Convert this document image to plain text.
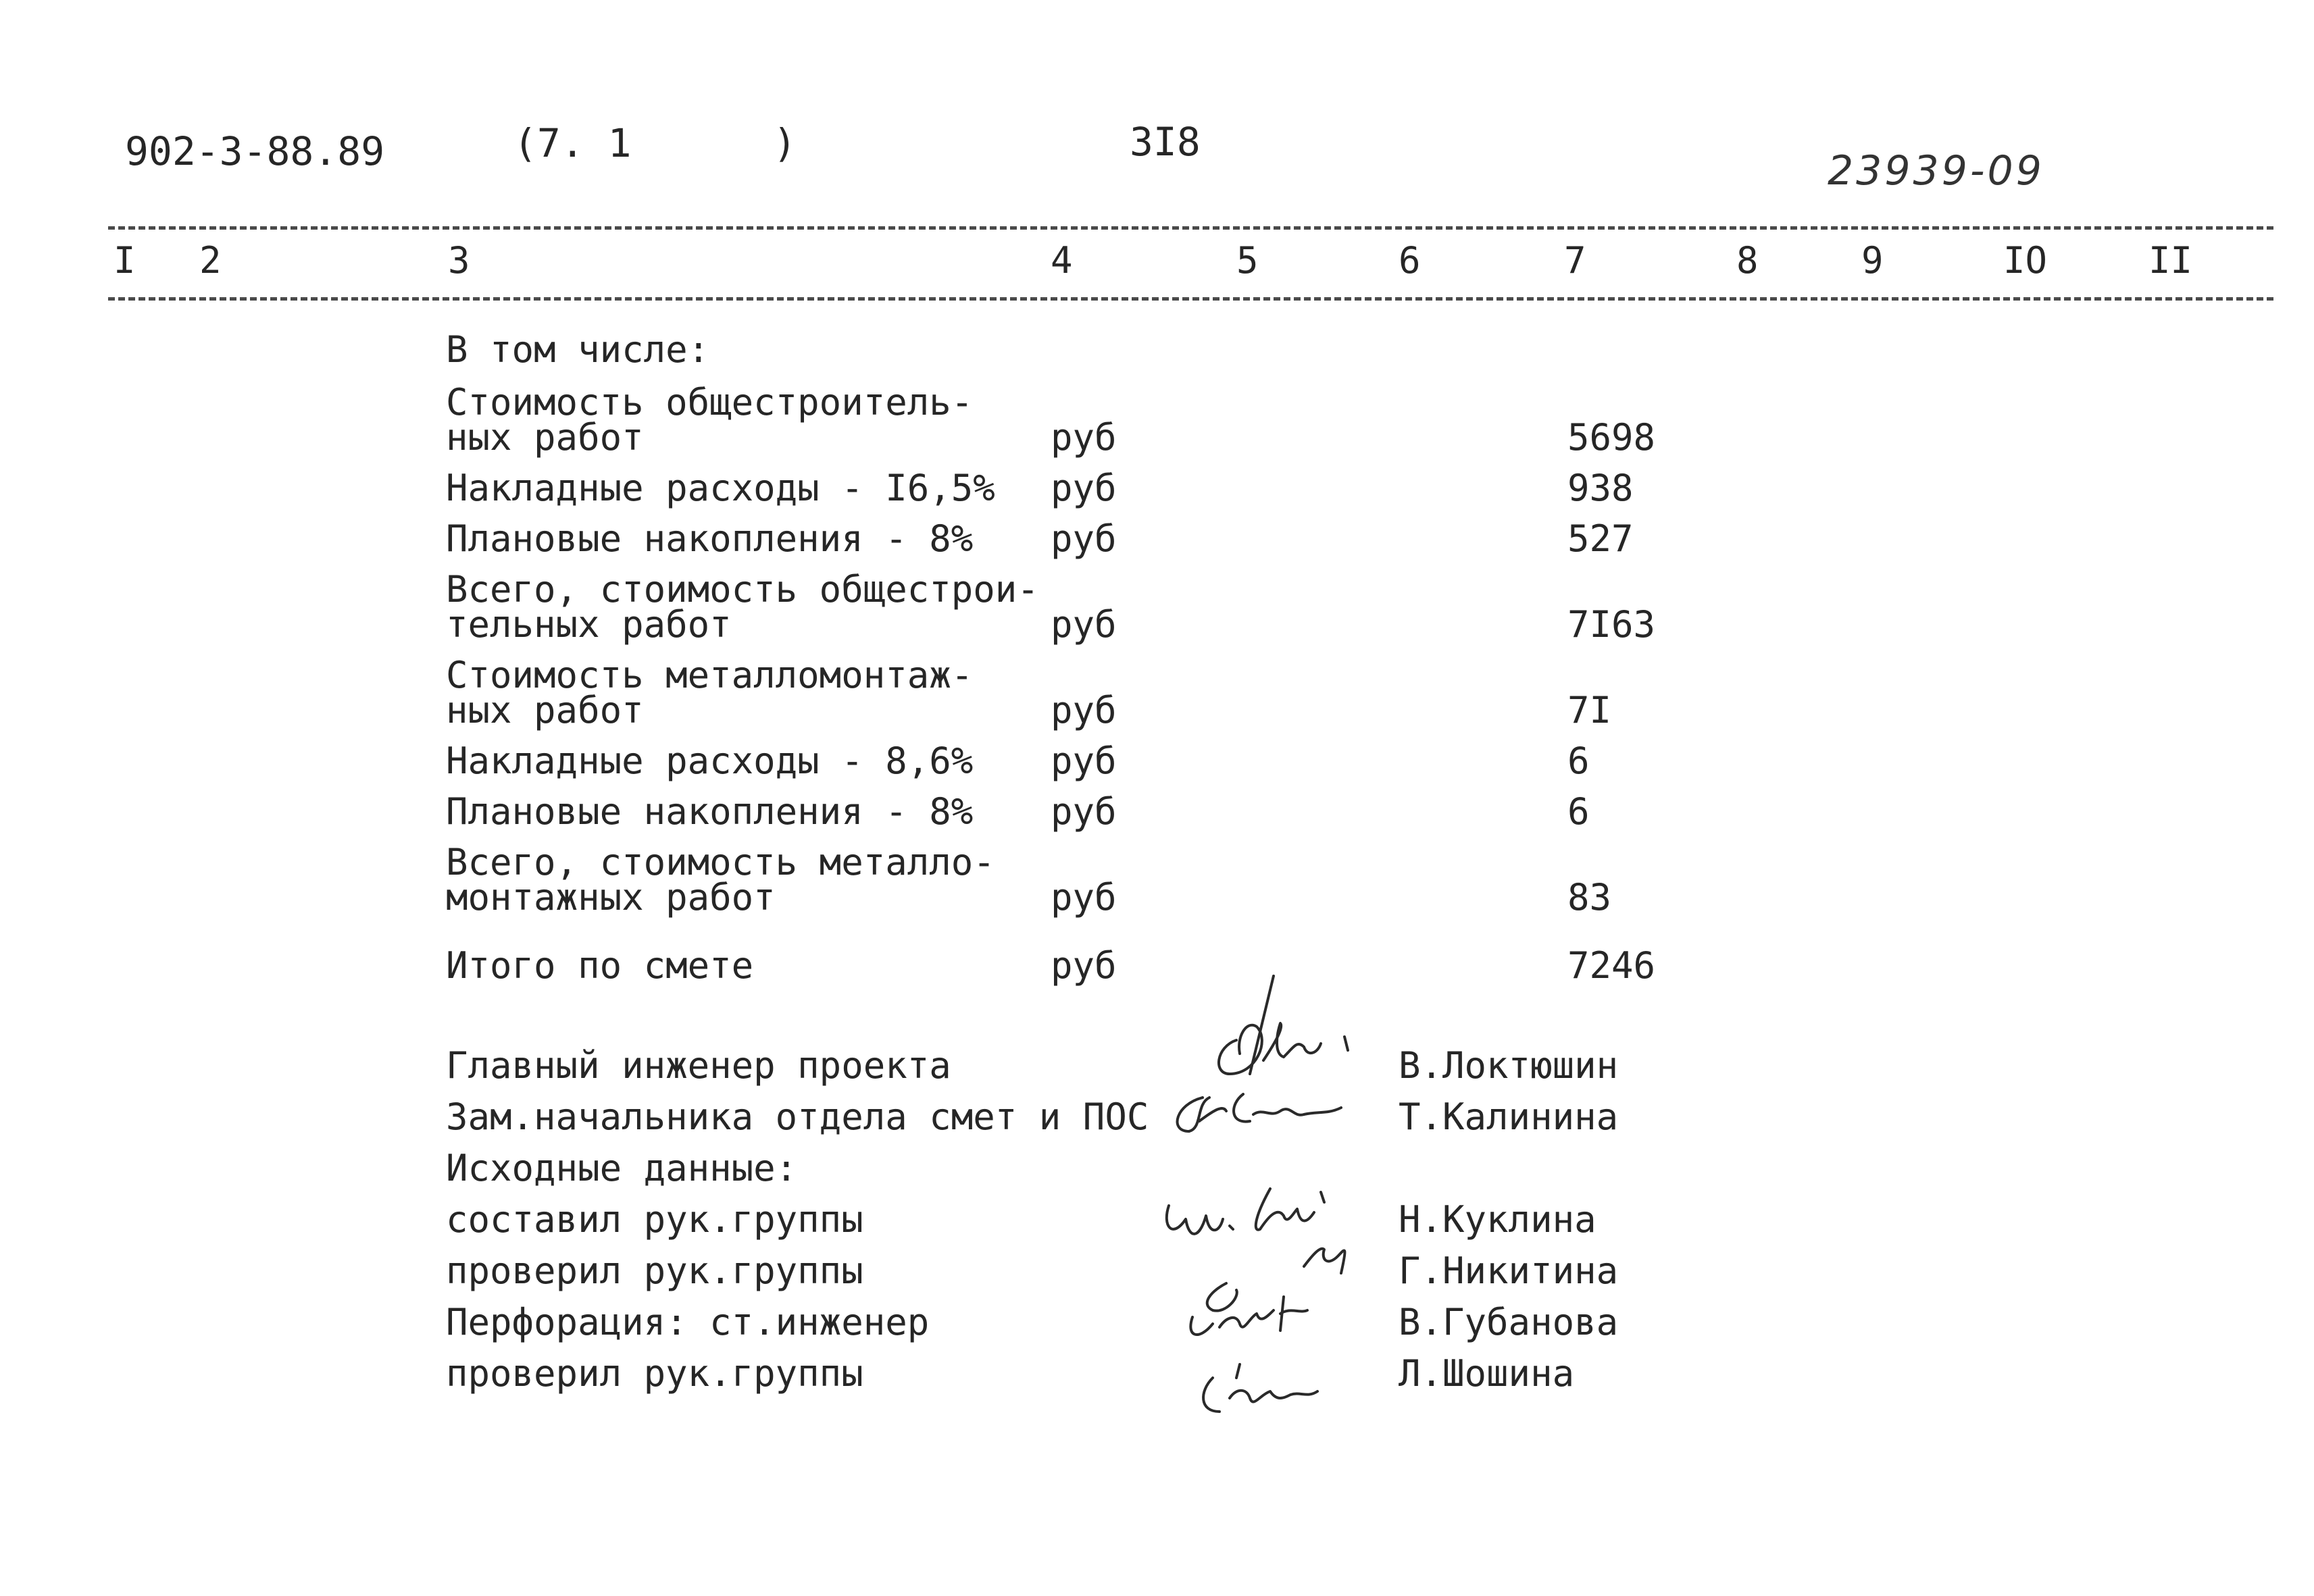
902-3-88.89	(7. 1      )	3I8
23939-09
I 2	3	4	5	6	7	8	9	IO	II
В том числе:
Стоимость общестроитель-
ных работ	руб	5698
Накладные расходы - I6,5% руб	938
Плановые накопления - 8% руб	527
Всего, стоимость общестрои-
тельных работ	руб	7I63
Стоимость металломонтаж-
ных работ	руб	7I
Накладные расходы - 8,6% руб	6
Плановые накопления - 8% руб	6
Всего, стоимость металло-
монтажных работ	руб	83
Итого по смете	руб	7246
Главный инженер проекта	В.Локтюшин
Зам.начальника отдела смет и ПОС	Т.Калинина
Исходные данные:
составил рук.группы	Н.Куклина
проверил рук.группы	Г.Никитина
Перфорация: ст.инженер	В.Губанова
проверил рук.группы	Л.Шошина
